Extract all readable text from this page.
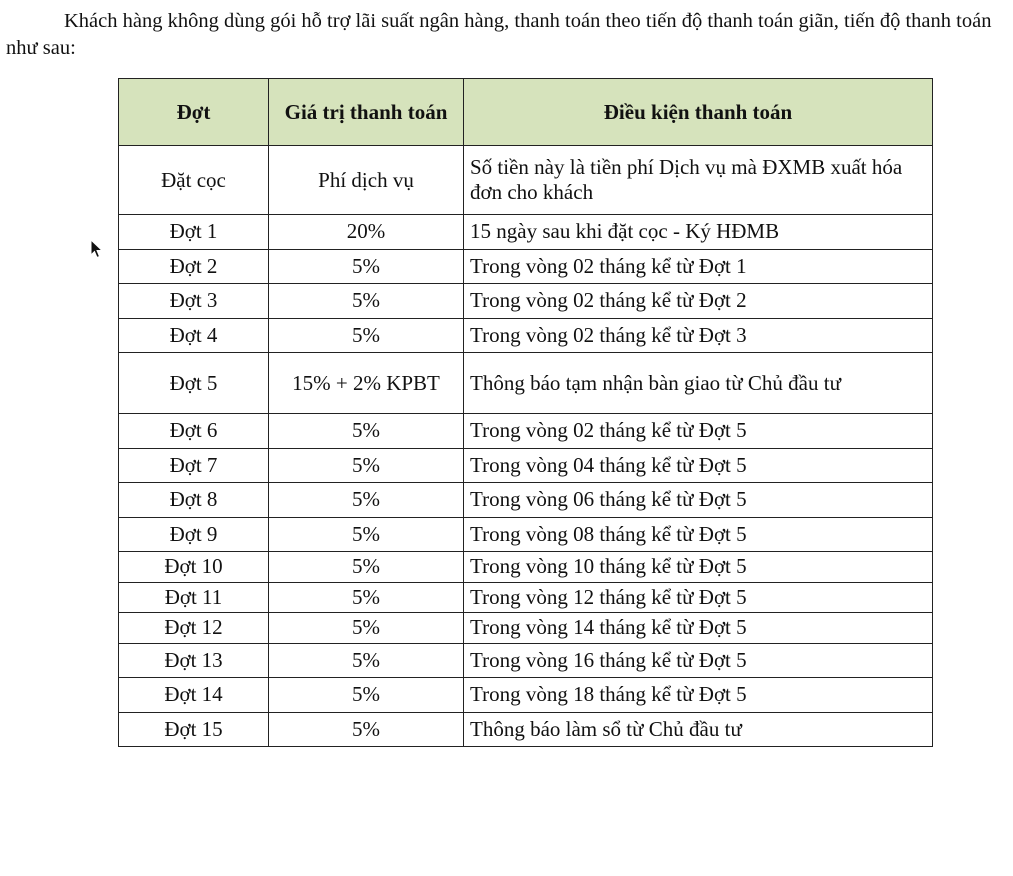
Khách hàng không dùng gói hỗ trợ lãi suất ngân hàng, thanh toán theo tiến độ thanh toán giãn, tiến độ thanh toán như sau:

Đợt	Giá trị thanh toán	Điều kiện thanh toán
Đặt cọc	Phí dịch vụ	Số tiền này là tiền phí Dịch vụ mà ĐXMB xuất hóa đơn cho khách
Đợt 1	20%	15 ngày sau khi đặt cọc - Ký HĐMB
Đợt 2	5%	Trong vòng 02 tháng kể từ Đợt 1
Đợt 3	5%	Trong vòng 02 tháng kể từ Đợt 2
Đợt 4	5%	Trong vòng 02 tháng kể từ Đợt 3
Đợt 5	15% + 2% KPBT	Thông báo tạm nhận bàn giao từ Chủ đầu tư
Đợt 6	5%	Trong vòng 02 tháng kể từ Đợt 5
Đợt 7	5%	Trong vòng 04 tháng kể từ Đợt 5
Đợt 8	5%	Trong vòng 06 tháng kể từ Đợt 5
Đợt 9	5%	Trong vòng 08 tháng kể từ Đợt 5
Đợt 10	5%	Trong vòng 10 tháng kể từ Đợt 5
Đợt 11	5%	Trong vòng 12 tháng kể từ Đợt 5
Đợt 12	5%	Trong vòng 14 tháng kể từ Đợt 5
Đợt 13	5%	Trong vòng 16 tháng kể từ Đợt 5
Đợt 14	5%	Trong vòng 18 tháng kể từ Đợt 5
Đợt 15	5%	Thông báo làm sổ từ Chủ đầu tư
